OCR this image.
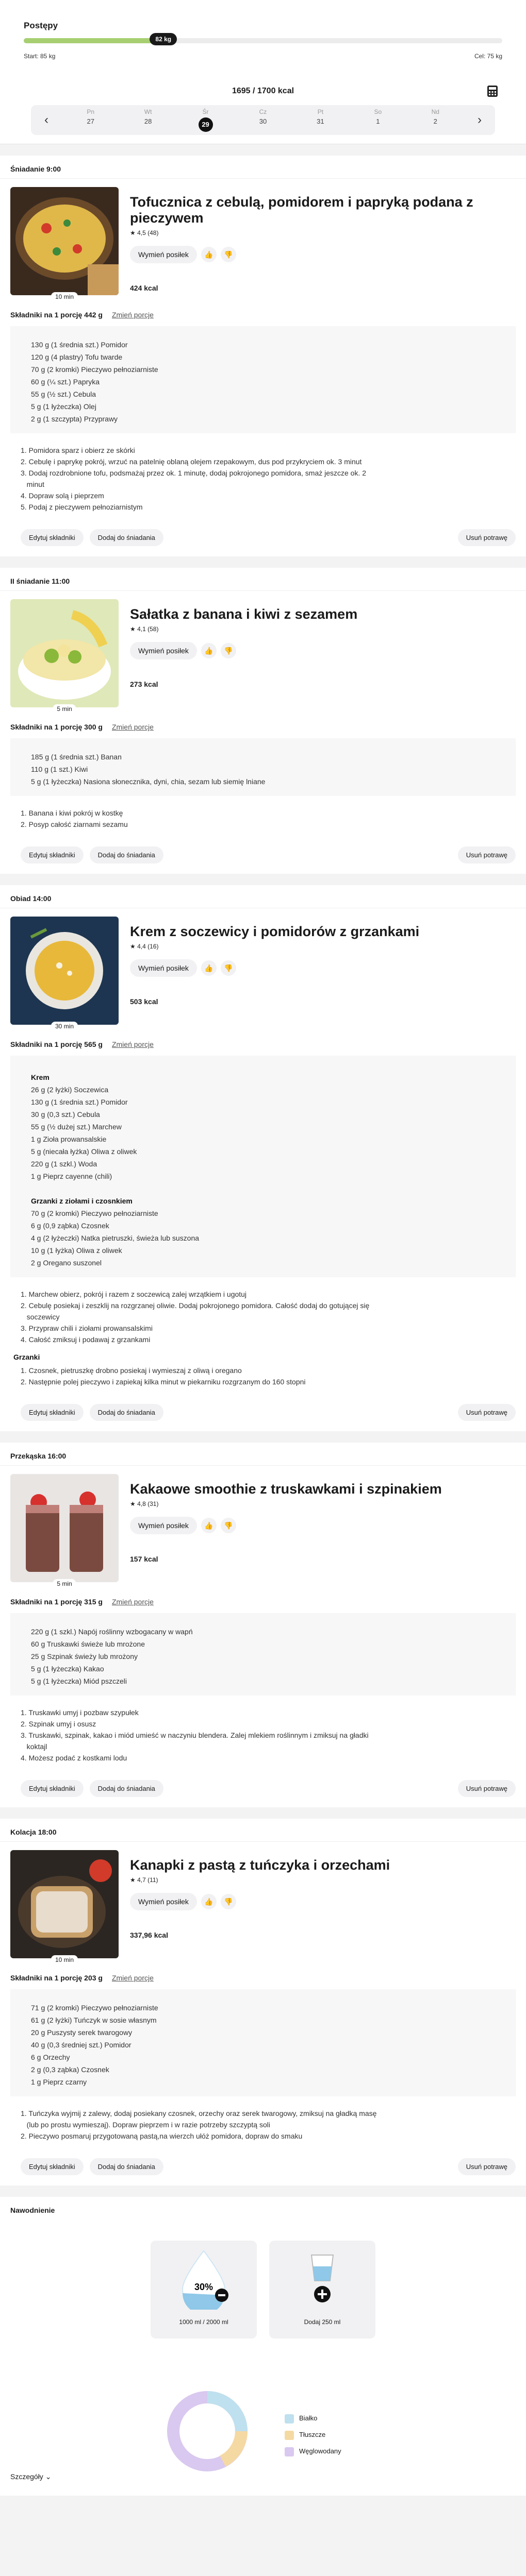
Postępy
82 kg
Start: 85 kg	Cel: 75 kg
1695 / 1700 kcal
‹
Pn
27
Wt
28
Śr
29
Cz
30
Pt
31
So
1
Nd
2	›
Śniadanie 9:00
10 min
Tofucznica z cebulą, pomidorem i papryką podana z pieczywem
★ 4,5 (48)
Wymień posiłek	👍	👎
424 kcal
Składniki na 1 porcję 442 g Zmień porcje
130 g (1 średnia szt.) Pomidor
120 g (4 plastry) Tofu twarde
70 g (2 kromki) Pieczywo pełnoziarniste
60 g (¼ szt.) Papryka
55 g (½ szt.) Cebula
5 g (1 łyżeczka) Olej
2 g (1 szczypta) Przyprawy
1. Pomidora sparz i obierz ze skórki
2. Cebulę i paprykę pokrój, wrzuć na patelnię oblaną olejem rzepakowym, dus pod przykryciem ok. 3 minut
3. Dodaj rozdrobnione tofu, podsmażaj przez ok. 1 minutę, dodaj pokrojonego pomidora, smaż jeszcze ok. 2
minut
4. Dopraw solą i pieprzem
5. Podaj z pieczywem pełnoziarnistym
Edytuj składniki	Dodaj do śniadania	Usuń potrawę
II śniadanie 11:00
5 min
Sałatka z banana i kiwi z sezamem
★ 4,1 (58)
Wymień posiłek	👍	👎
273 kcal
Składniki na 1 porcję 300 g Zmień porcje
185 g (1 średnia szt.) Banan
110 g (1 szt.) Kiwi
5 g (1 łyżeczka) Nasiona słonecznika, dyni, chia, sezam lub siemię lniane
1. Banana i kiwi pokrój w kostkę
2. Posyp całość ziarnami sezamu
Edytuj składniki	Dodaj do śniadania	Usuń potrawę
Obiad 14:00
30 min
Krem z soczewicy i pomidorów z grzankami
★ 4,4 (16)
Wymień posiłek	👍	👎
503 kcal
Składniki na 1 porcję 565 g Zmień porcje
Krem
26 g (2 łyżki) Soczewica
130 g (1 średnia szt.) Pomidor
30 g (0,3 szt.) Cebula
55 g (½ dużej szt.) Marchew
1 g Zioła prowansalskie
5 g (niecała łyżka) Oliwa z oliwek
220 g (1 szkl.) Woda
1 g Pieprz cayenne (chili)
Grzanki z ziołami i czosnkiem
70 g (2 kromki) Pieczywo pełnoziarniste
6 g (0,9 ząbka) Czosnek
4 g (2 łyżeczki) Natka pietruszki, świeża lub suszona
10 g (1 łyżka) Oliwa z oliwek
2 g Oregano suszonel
1. Marchew obierz, pokrój i razem z soczewicą zalej wrzątkiem i ugotuj
2. Cebulę posiekaj i zeszklij na rozgrzanej oliwie. Dodaj pokrojonego pomidora. Całość dodaj do gotującej się
soczewicy
3. Przypraw chili i ziołami prowansalskimi
4. Całość zmiksuj i podawaj z grzankami
Grzanki
1. Czosnek, pietruszkę drobno posiekaj i wymieszaj z oliwą i oregano
2. Następnie polej pieczywo i zapiekaj kilka minut w piekarniku rozgrzanym do 160 stopni
Edytuj składniki	Dodaj do śniadania	Usuń potrawę
Przekąska 16:00
5 min
Kakaowe smoothie z truskawkami i szpinakiem
★ 4,8 (31)
Wymień posiłek	👍	👎
157 kcal
Składniki na 1 porcję 315 g Zmień porcje
220 g (1 szkl.) Napój roślinny wzbogacany w wapń
60 g Truskawki świeże lub mrożone
25 g Szpinak świeży lub mrożony
5 g (1 łyżeczka) Kakao
5 g (1 łyżeczka) Miód pszczeli
1. Truskawki umyj i pozbaw szypułek
2. Szpinak umyj i osusz
3. Truskawki, szpinak, kakao i miód umieść w naczyniu blendera. Zalej mlekiem roślinnym i zmiksuj na gładki
koktajl
4. Możesz podać z kostkami lodu
Edytuj składniki	Dodaj do śniadania	Usuń potrawę
Kolacja 18:00
10 min
Kanapki z pastą z tuńczyka i orzechami
★ 4,7 (11)
Wymień posiłek	👍	👎
337,96 kcal
Składniki na 1 porcję 203 g Zmień porcje
71 g (2 kromki) Pieczywo pełnoziarniste
61 g (2 łyżki) Tuńczyk w sosie własnym
20 g Puszysty serek twarogowy
40 g (0,3 średniej szt.) Pomidor
6 g Orzechy
2 g (0,3 ząbka) Czosnek
1 g Pieprz czarny
1. Tuńczyka wyjmij z zalewy, dodaj posiekany czosnek, orzechy oraz serek twarogowy, zmiksuj na gładką masę
(lub po prostu wymieszaj). Dopraw pieprzem i w razie potrzeby szczyptą soli
2. Pieczywo posmaruj przygotowaną pastą,na wierzch ułóż pomidora, dopraw do smaku
Edytuj składniki	Dodaj do śniadania	Usuń potrawę
Nawodnienie
30%
1000 ml / 2000 ml	Dodaj 250 ml
Białko
Tłuszcze
Węglowodany
Szczegóły ⌄
